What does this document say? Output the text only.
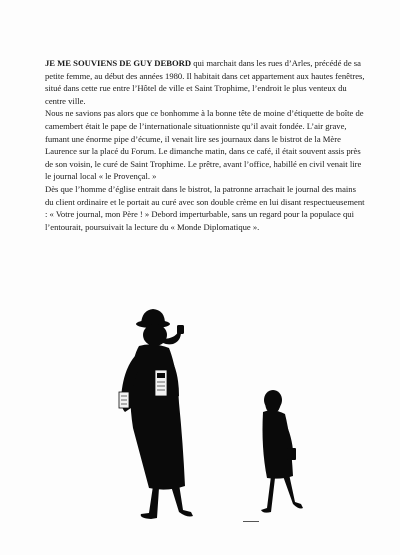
JE ME SOUVIENS DE GUY DEBORD qui marchait dans les rues d’Arles, précédé de sa petite femme, au début des années 1980. Il habitait dans cet appartement aux hautes fenêtres, situé dans cette rue entre l’Hôtel de ville et Saint Trophime, l’endroit le plus venteux du centre ville.

Nous ne savions pas alors que ce bonhomme à la bonne tête de moine d’étiquette de boîte de camembert était le pape de l’internationale situationniste qu’il avait fondée. L’air grave, fumant une énorme pipe d’écume, il venait lire ses journaux dans le bistrot de la Mère Laurence sur la placé du Forum. Le dimanche matin, dans ce café, il était souvent assis près de son voisin, le curé de Saint Trophime. Le prêtre, avant l’office, habillé en civil venait lire le journal local « le Provençal. »

Dès que l’homme d’église entrait dans le bistrot, la patronne arrachait le journal des mains du client ordinaire et le portait au curé avec son double crème en lui disant respectueusement : « Votre journal, mon Père ! » Debord imperturbable, sans un regard pour la populace qui l’entourait, poursuivait la lecture du « Monde Diplomatique ».
